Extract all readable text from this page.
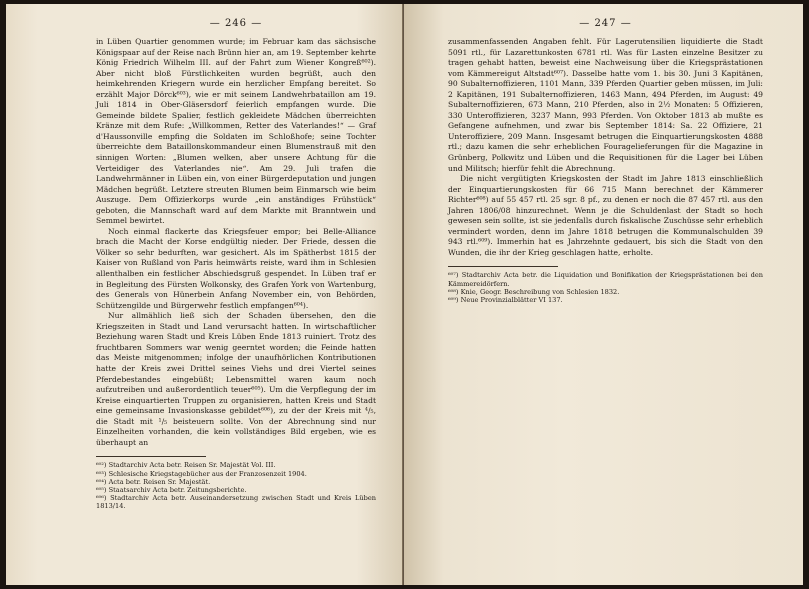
— 246 —

in Lüben Quartier genommen wurde; im Februar kam das sächsische Königspaar auf der Reise nach Brünn hier an, am 19. September kehrte König Friedrich Wilhelm III. auf der Fahrt zum Wiener Kongreß⁶⁰²). Aber nicht bloß Fürstlichkeiten wurden begrüßt, auch den heimkehrenden Kriegern wurde ein herzlicher Empfang bereitet. So erzählt Major Dörck⁶⁰³), wie er mit seinem Landwehrbataillon am 19. Juli 1814 in Ober-Gläsersdorf feierlich empfangen wurde. Die Gemeinde bildete Spalier, festlich gekleidete Mädchen überreichten Kränze mit dem Rufe: „Willkommen, Retter des Vaterlandes!“ — Graf d'Haussonville empfing die Soldaten im Schloßhofe; seine Tochter überreichte dem Bataillonskommandeur einen Blumenstrauß mit den sinnigen Worten: „Blumen welken, aber unsere Achtung für die Verteidiger des Vaterlandes nie“. Am 29. Juli trafen die Landwehrmänner in Lüben ein, von einer Bürgerdeputation und jungen Mädchen begrüßt. Letztere streuten Blumen beim Einmarsch wie beim Auszuge. Dem Offizierkorps wurde „ein anständiges Frühstück“ geboten, die Mannschaft ward auf dem Markte mit Branntwein und Semmel bewirtet.

Noch einmal flackerte das Kriegsfeuer empor; bei Belle-Alliance brach die Macht der Korse endgültig nieder. Der Friede, dessen die Völker so sehr bedurften, war gesichert. Als im Spätherbst 1815 der Kaiser von Rußland von Paris heimwärts reiste, ward ihm in Schlesien allenthalben ein festlicher Abschiedsgruß gespendet. In Lüben traf er in Begleitung des Fürsten Wolkonsky, des Grafen York von Wartenburg, des Generals von Hünerbein Anfang November ein, von Behörden, Schützengilde und Bürgerwehr festlich empfangen⁶⁰⁴).

Nur allmählich ließ sich der Schaden übersehen, den die Kriegszeiten in Stadt und Land verursacht hatten. In wirtschaftlicher Beziehung waren Stadt und Kreis Lüben Ende 1813 ruiniert. Trotz des fruchtbaren Sommers war wenig geerntet worden; die Feinde hatten das Meiste mitgenommen; infolge der unaufhörlichen Kontributionen hatte der Kreis zwei Drittel seines Viehs und drei Viertel seines Pferdebestandes eingebüßt; Lebensmittel waren kaum noch aufzutreiben und außerordentlich teuer⁶⁰⁵). Um die Verpflegung der im Kreise einquartierten Truppen zu organisieren, hatten Kreis und Stadt eine gemeinsame Invasionskasse gebildet⁶⁰⁶), zu der der Kreis mit ⁴/₅, die Stadt mit ¹/₅ beisteuern sollte. Von der Abrechnung sind nur Einzelheiten vorhanden, die kein vollständiges Bild ergeben, wie es überhaupt an

⁶⁰²) Stadtarchiv Acta betr. Reisen Sr. Majestät Vol. III.

⁶⁰³) Schlesische Kriegstagebücher aus der Franzosenzeit 1904.

⁶⁰⁴) Acta betr. Reisen Sr. Majestät.

⁶⁰⁵) Staatsarchiv Acta betr. Zeitungsberichte.

⁶⁰⁶) Stadtarchiv Acta betr. Auseinandersetzung zwischen Stadt und Kreis Lüben 1813/14.

— 247 —

zusammenfassenden Angaben fehlt. Für Lagerutensilien liquidierte die Stadt 5091 rtl., für Lazarettunkosten 6781 rtl. Was für Lasten einzelne Besitzer zu tragen gehabt hatten, beweist eine Nachweisung über die Kriegsprästationen vom Kämmereigut Altstadt⁶⁰⁷). Dasselbe hatte vom 1. bis 30. Juni 3 Kapitänen, 90 Subalternoffizieren, 1101 Mann, 339 Pferden Quartier geben müssen, im Juli: 2 Kapitänen, 191 Subalternoffizieren, 1463 Mann, 494 Pferden, im August: 49 Subalternoffizieren, 673 Mann, 210 Pferden, also in 2½ Monaten: 5 Offizieren, 330 Unteroffizieren, 3237 Mann, 993 Pferden. Von Oktober 1813 ab mußte es Gefangene aufnehmen, und zwar bis September 1814: Sa. 22 Offiziere, 21 Unteroffiziere, 209 Mann. Insgesamt betrugen die Einquartierungskosten 4888 rtl.; dazu kamen die sehr erheblichen Fouragelieferungen für die Magazine in Grünberg, Polkwitz und Lüben und die Requisitionen für die Lager bei Lüben und Militsch; hierfür fehlt die Abrechnung.

Die nicht vergütigten Kriegskosten der Stadt im Jahre 1813 einschließlich der Einquartierungskosten für 66 715 Mann berechnet der Kämmerer Richter⁶⁰⁸) auf 55 457 rtl. 25 sgr. 8 pf., zu denen er noch die 87 457 rtl. aus den Jahren 1806/08 hinzurechnet. Wenn je die Schuldenlast der Stadt so hoch gewesen sein sollte, ist sie jedenfalls durch fiskalische Zuschüsse sehr erheblich vermindert worden, denn im Jahre 1818 betrugen die Kommunalschulden 39 943 rtl.⁶⁰⁹). Immerhin hat es Jahrzehnte gedauert, bis sich die Stadt von den Wunden, die ihr der Krieg geschlagen hatte, erholte.

⁶⁰⁷) Stadtarchiv Acta betr. die Liquidation und Bonifikation der Kriegsprästationen bei den Kämmereidörfern.

⁶⁰⁸) Knie, Geogr. Beschreibung von Schlesien 1832.

⁶⁰⁹) Neue Provinzialblätter VI 137.
